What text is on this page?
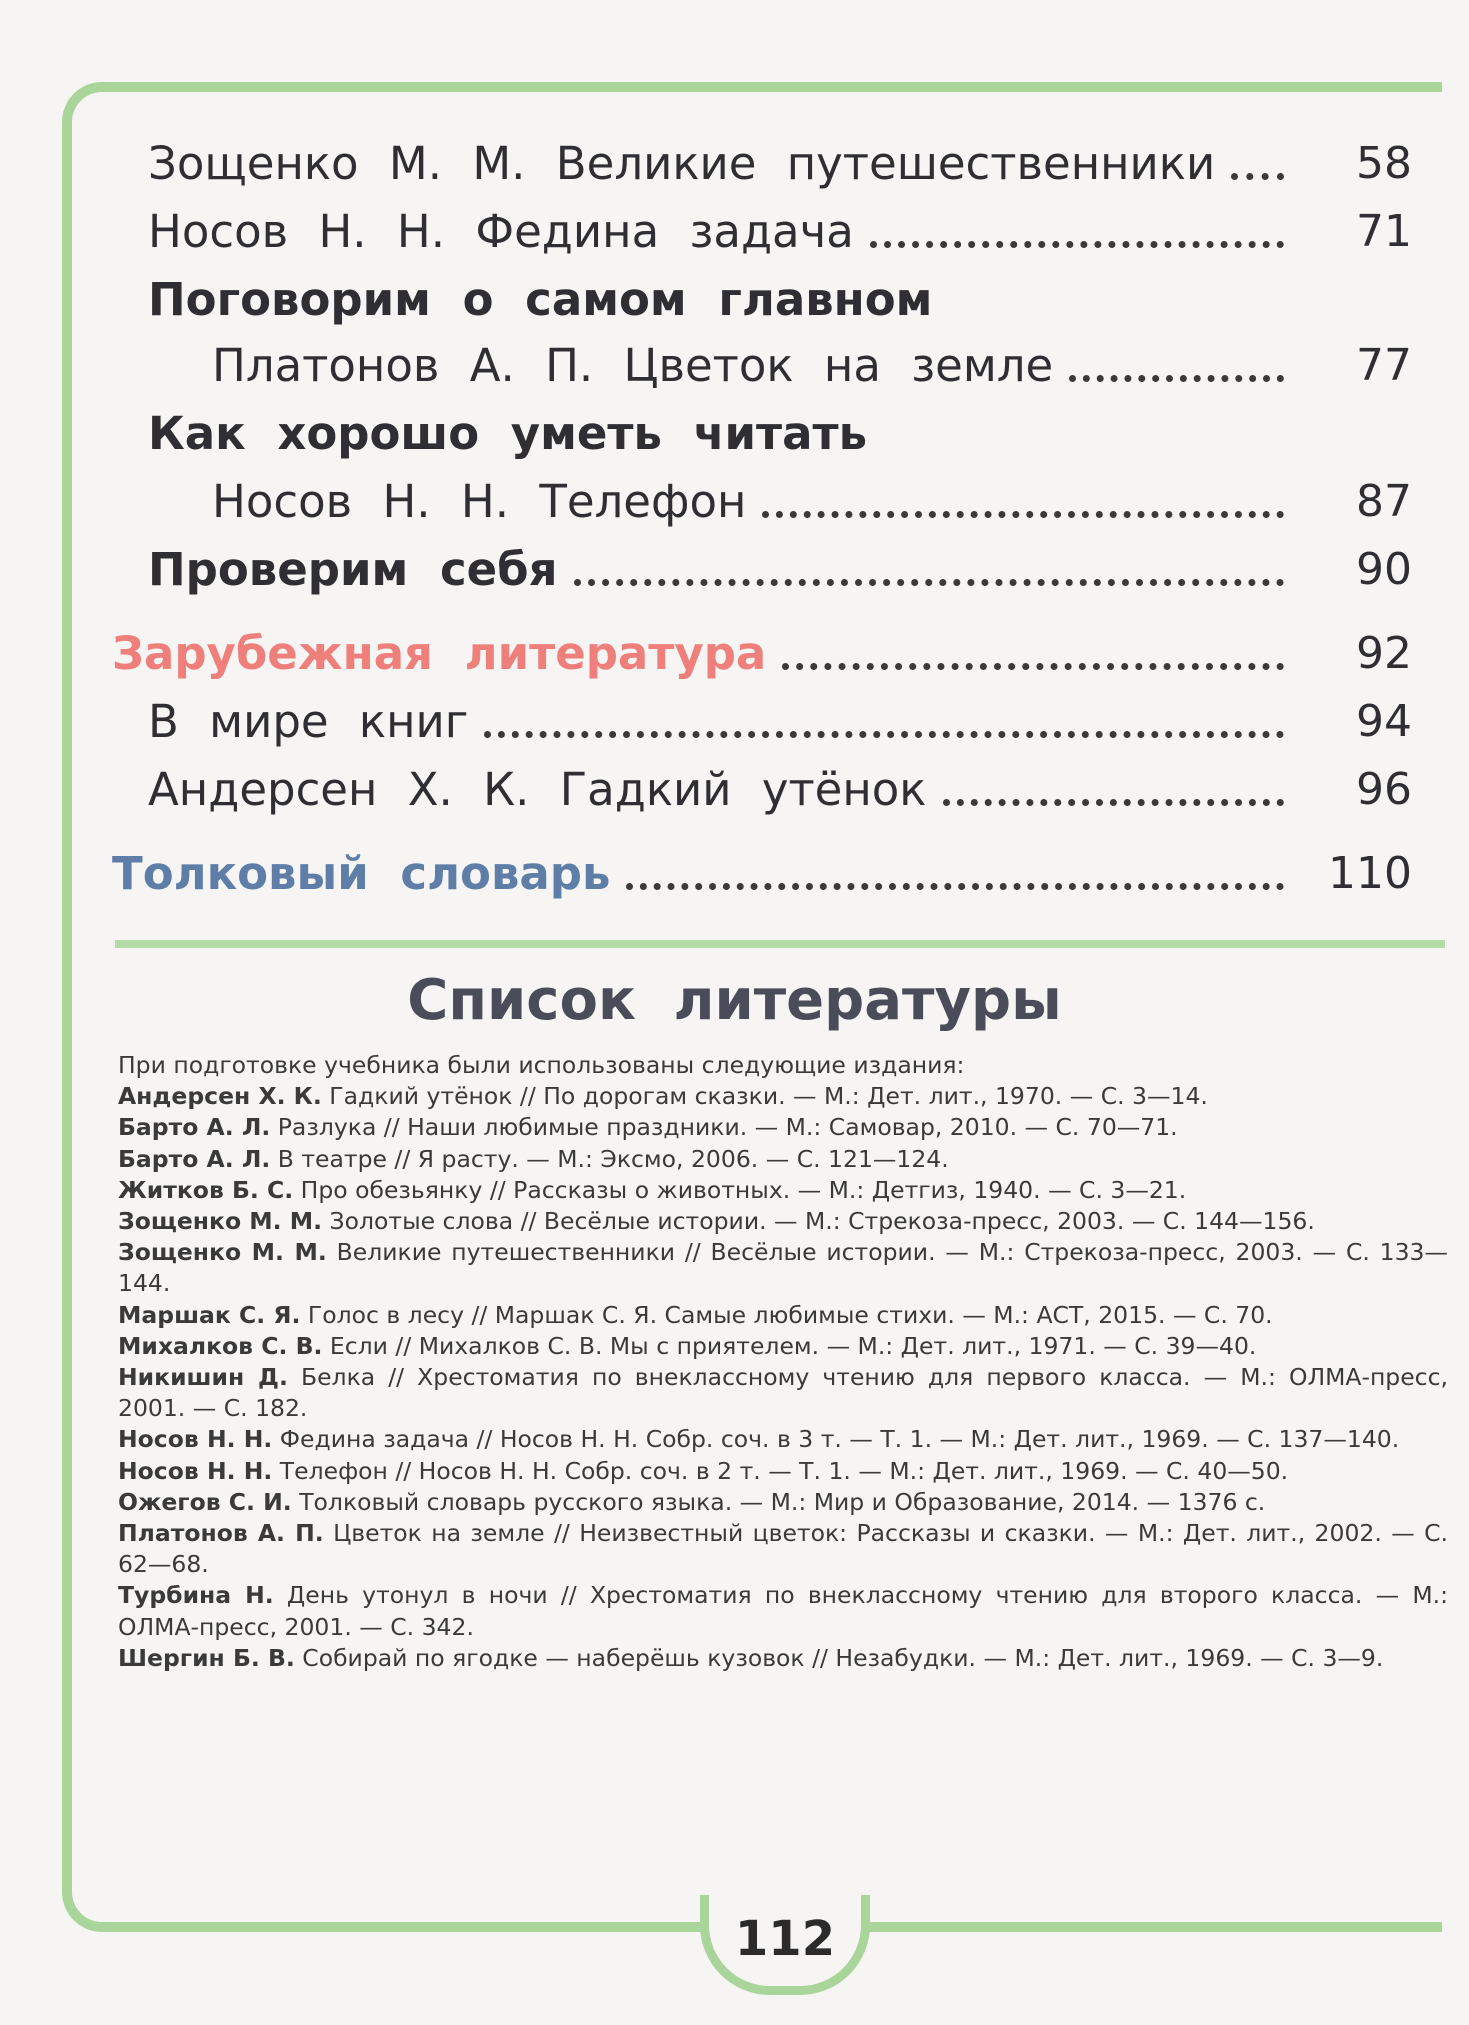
Зощенко М. М. Великие путешественники	58
Носов Н. Н. Федина задача	71
Поговорим о самом главном
Платонов А. П. Цветок на земле	77
Как хорошо уметь читать
Носов Н. Н. Телефон	87
Проверим себя	90
Зарубежная литература	92
В мире книг	94
Андерсен Х. К. Гадкий утёнок	96
Толковый словарь	110
Список литературы

При подготовке учебника были использованы следующие издания:

Андерсен Х. К. Гадкий утёнок // По дорогам сказки. — М.: Дет. лит., 1970. — С. 3—14.

Барто А. Л. Разлука // Наши любимые праздники. — М.: Самовар, 2010. — С. 70—71.

Барто А. Л. В театре // Я расту. — М.: Эксмо, 2006. — С. 121—124.

Житков Б. С. Про обезьянку // Рассказы о животных. — М.: Детгиз, 1940. — С. 3—21.

Зощенко М. М. Золотые слова // Весёлые истории. — М.: Стрекоза-пресс, 2003. — С. 144—156.

Зощенко М. М. Великие путешественники // Весёлые истории. — М.: Стрекоза-пресс, 2003. — С. 133—144.

Маршак С. Я. Голос в лесу // Маршак С. Я. Самые любимые стихи. — М.: АСТ, 2015. — С. 70.

Михалков С. В. Если // Михалков С. В. Мы с приятелем. — М.: Дет. лит., 1971. — С. 39—40.

Никишин Д. Белка // Хрестоматия по внеклассному чтению для первого класса. — М.: ОЛМА-пресс, 2001. — С. 182.

Носов Н. Н. Федина задача // Носов Н. Н. Собр. соч. в 3 т. — Т. 1. — М.: Дет. лит., 1969. — С. 137—140.

Носов Н. Н. Телефон // Носов Н. Н. Собр. соч. в 2 т. — Т. 1. — М.: Дет. лит., 1969. — С. 40—50.

Ожегов С. И. Толковый словарь русского языка. — М.: Мир и Образование, 2014. — 1376 с.

Платонов А. П. Цветок на земле // Неизвестный цветок: Рассказы и сказки. — М.: Дет. лит., 2002. — С. 62—68.

Турбина Н. День утонул в ночи // Хрестоматия по внеклассному чтению для второго класса. — М.: ОЛМА-пресс, 2001. — С. 342.

Шергин Б. В. Собирай по ягодке — наберёшь кузовок // Незабудки. — М.: Дет. лит., 1969. — С. 3—9.

112
